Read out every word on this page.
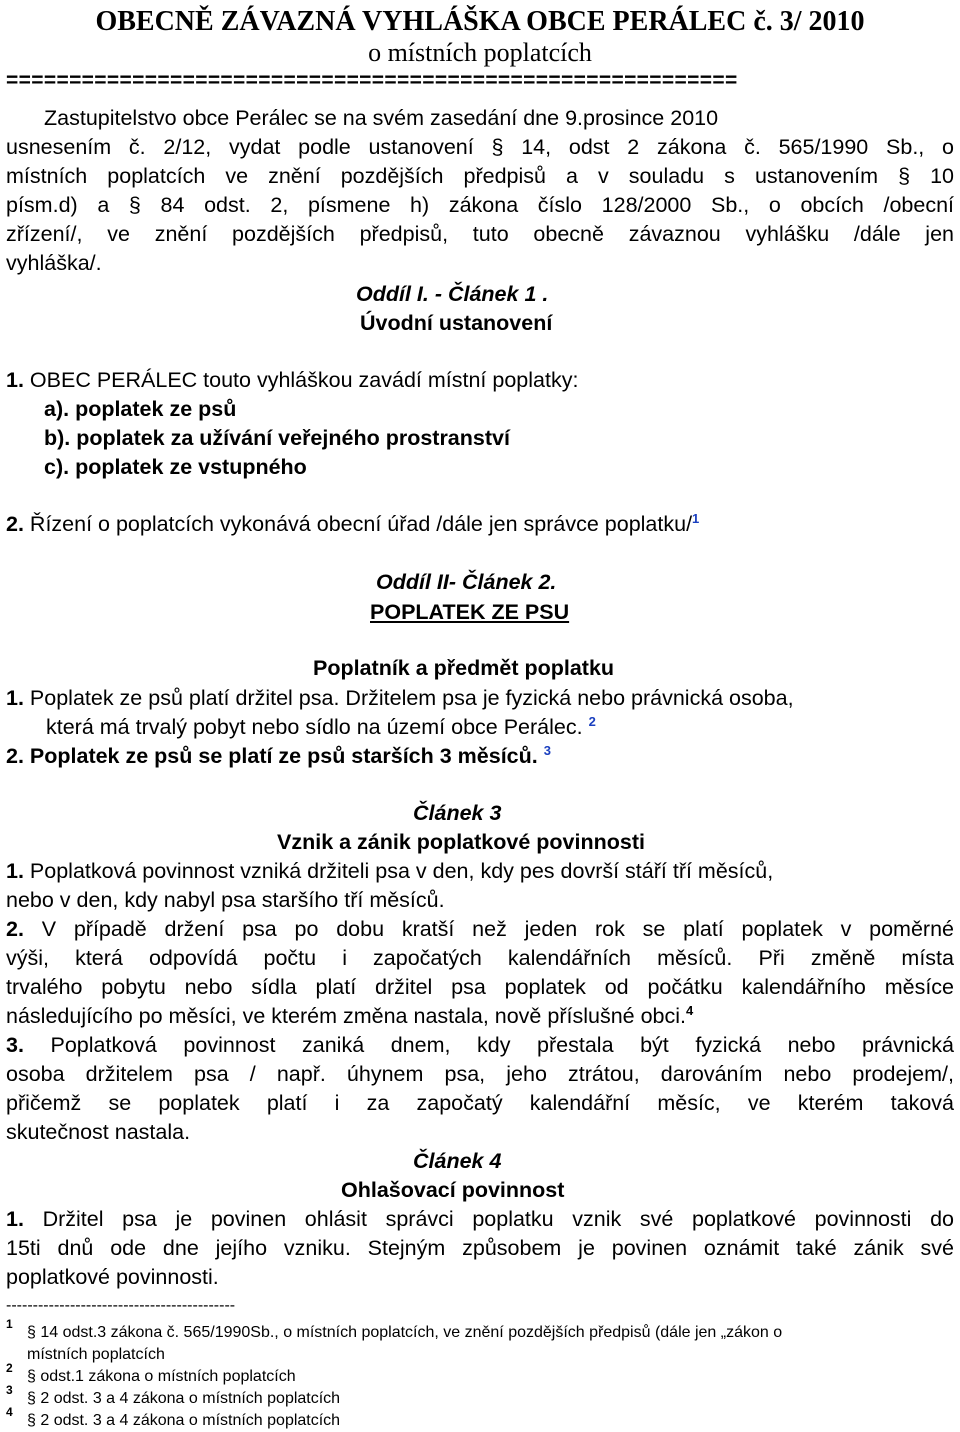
OBECNĚ ZÁVAZNÁ VYHLÁŠKA OBCE PERÁLEC č. 3/ 2010
o místních poplatcích
==========================================================
Zastupitelstvo obce Perálec se na svém zasedání dne 9.prosince 2010
usnesením č. 2/12, vydat podle ustanovení § 14, odst 2 zákona č. 565/1990 Sb., o
místních poplatcích ve znění pozdějších předpisů a v souladu s ustanovením § 10
písm.d) a § 84 odst. 2, písmene h) zákona číslo 128/2000 Sb., o obcích /obecní
zřízení/, ve znění pozdějších předpisů, tuto obecně závaznou vyhlášku /dále jen
vyhláška/.
Oddíl I. - Článek 1 .
Úvodní ustanovení
1. OBEC PERÁLEC touto vyhláškou zavádí místní poplatky:
a). poplatek ze psů
b). poplatek za užívání veřejného prostranství
c). poplatek ze vstupného
2. Řízení o poplatcích vykonává obecní úřad /dále jen správce poplatku/$^1$
Oddíl II- Článek 2.
POPLATEK ZE PSU
Poplatník a předmět poplatku
1. Poplatek ze psů platí držitel psa. Držitelem psa je fyzická nebo právnická osoba,
která má trvalý pobyt nebo sídlo na území obce Perálec. $^2$
2. Poplatek ze psů se platí ze psů starších 3 měsíců. $^3$
Článek 3
Vznik a zánik poplatkové povinnosti
1. Poplatková povinnost vzniká držiteli psa v den, kdy pes dovrší stáří tří měsíců,
nebo v den, kdy nabyl psa staršího tří měsíců.
2. V případě držení psa po dobu kratší než jeden rok se platí poplatek v poměrné
výši, která odpovídá počtu i započatých kalendářních měsíců. Při změně místa
trvalého pobytu nebo sídla platí držitel psa poplatek od počátku kalendářního měsíce
následujícího po měsíci, ve kterém změna nastala, nově příslušné obci.$^4$
3. Poplatková povinnost zaniká dnem, kdy přestala být fyzická nebo právnická
osoba držitelem psa / např. úhynem psa, jeho ztrátou, darováním nebo prodejem/,
přičemž se poplatek platí i za započatý kalendářní měsíc, ve kterém taková
skutečnost nastala.
Článek 4
Ohlašovací povinnost
1. Držitel psa je povinen ohlásit správci poplatku vznik své poplatkové povinnosti do
15ti dnů ode dne jejího vzniku. Stejným způsobem je povinen oznámit také zánik své
poplatkové povinnosti.
-------------------------------------------
1 § 14 odst.3 zákona č. 565/1990Sb., o místních poplatcích, ve znění pozdějších předpisů (dále jen „zákon o
místních poplatcích
2 § odst.1 zákona o místních poplatcích
3 § 2 odst. 3 a 4 zákona o místních poplatcích
4 § 2 odst. 3 a 4 zákona o místních poplatcích
